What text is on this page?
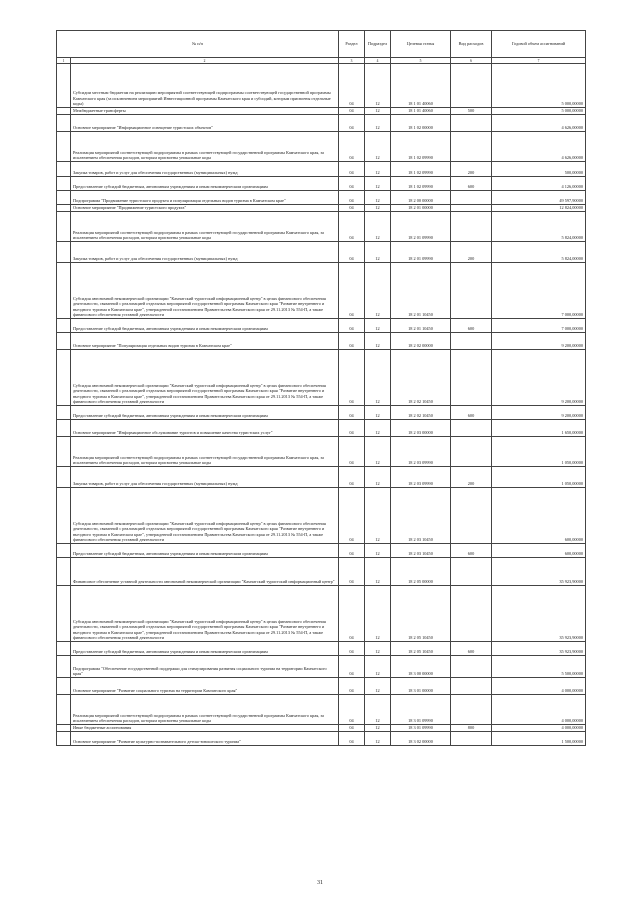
№ п/п		Раздел	Подраздел	Целевая статья	Вид расходов	Годовой объем ассигнований
1	2	3	4	5	6	7
	Субсидии местным бюджетам на реализацию мероприятий соответствующей подпрограммы соответствующей государственной программы Камчатского края (за исключением мероприятий Инвестиционной программы Камчатского края и субсидий, которым присвоены отдельные коды)	04	12	18 1 01 40060		5 000,00000
	Межбюджетные трансферты	04	12	18 1 01 40060	500	5 000,00000
	Основное мероприятие "Информационное освещение туристских объектов"	04	12	18 1 02 00000		4 626,00000
	Реализация мероприятий соответствующей подпрограммы в рамках соответствующей государственной программы Камчатского края, за исключением обеспечения расходов, которым присвоены уникальные коды	04	12	18 1 02 09990		4 626,00000
	Закупка товаров, работ и услуг для обеспечения государственных (муниципальных) нужд	04	12	18 1 02 09990	200	500,00000
	Предоставление субсидий бюджетным, автономным учреждениям и иным некоммерческим организациям	04	12	18 1 02 09990	600	4 126,00000
	Подпрограмма "Продвижение туристского продукта и популяризация отдельных видов туризма в Камчатском крае"	04	12	18 2 00 00000		49 597,90000
	Основное мероприятие "Продвижение туристского продукта"	04	12	18 2 01 00000		12 824,00000
	Реализация мероприятий соответствующей подпрограммы в рамках соответствующей государственной программы Камчатского края, за исключением обеспечения расходов, которым присвоены уникальные коды	04	12	18 2 01 09990		5 824,00000
	Закупка товаров, работ и услуг для обеспечения государственных (муниципальных) нужд	04	12	18 2 01 09990	200	5 824,00000
	Субсидия автономной некоммерческой организации "Камчатский туристский информационный центр" в целях финансового обеспечения деятельности, связанной с реализацией отдельных мероприятий государственной программы Камчатского края "Развитие внутреннего и въездного туризма в Камчатском крае", утвержденной постановлением Правительства Камчатского края от 29.11.2013 № 554-П, а также финансового обеспечения уставной деятельности	04	12	18 2 01 10450		7 000,00000
	Предоставление субсидий бюджетным, автономным учреждениям и иным некоммерческим организациям	04	12	18 2 01 10450	600	7 000,00000
	Основное мероприятие "Популяризация отдельных видов туризма в Камчатском крае"	04	12	18 2 02 00000		9 200,00000
	Субсидия автономной некоммерческой организации "Камчатский туристский информационный центр" в целях финансового обеспечения деятельности, связанной с реализацией отдельных мероприятий государственной программы Камчатского края "Развитие внутреннего и въездного туризма в Камчатском крае", утвержденной постановлением Правительства Камчатского края от 29.11.2013 № 554-П, а также финансового обеспечения уставной деятельности	04	12	18 2 02 10450		9 200,00000
	Предоставление субсидий бюджетным, автономным учреждениям и иным некоммерческим организациям	04	12	18 2 02 10450	600	9 200,00000
	Основное мероприятие "Информационное обслуживание туристов и повышение качества туристских услуг"	04	12	18 2 03 00000		1 650,00000
	Реализация мероприятий соответствующей подпрограммы в рамках соответствующей государственной программы Камчатского края, за исключением обеспечения расходов, которым присвоены уникальные коды	04	12	18 2 03 09990		1 050,00000
	Закупка товаров, работ и услуг для обеспечения государственных (муниципальных) нужд	04	12	18 2 03 09990	200	1 050,00000
	Субсидия автономной некоммерческой организации "Камчатский туристский информационный центр" в целях финансового обеспечения деятельности, связанной с реализацией отдельных мероприятий государственной программы Камчатского края "Развитие внутреннего и въездного туризма в Камчатском крае", утвержденной постановлением Правительства Камчатского края от 29.11.2013 № 554-П, а также финансового обеспечения уставной деятельности	04	12	18 2 03 10450		600,00000
	Предоставление субсидий бюджетным, автономным учреждениям и иным некоммерческим организациям	04	12	18 2 03 10450	600	600,00000
	Финансовое обеспечение уставной деятельности автономной некоммерческой организации "Камчатский туристский информационный центр"	04	12	18 2 05 00000		35 923,90000
	Субсидия автономной некоммерческой организации "Камчатский туристский информационный центр" в целях финансового обеспечения деятельности, связанной с реализацией отдельных мероприятий государственной программы Камчатского края "Развитие внутреннего и въездного туризма в Камчатском крае", утвержденной постановлением Правительства Камчатского края от 29.11.2013 № 554-П, а также финансового обеспечения уставной деятельности	04	12	18 2 05 10450		35 923,90000
	Предоставление субсидий бюджетным, автономным учреждениям и иным некоммерческим организациям	04	12	18 2 05 10450	600	35 923,90000
	Подпрограмма "Обеспечение государственной поддержки для стимулирования развития социального туризма на территории Камчатского края"	04	12	18 3 00 00000		5 500,00000
	Основное мероприятие "Развитие социального туризма на территории Камчатского края"	04	12	18 3 01 00000		4 000,00000
	Реализация мероприятий соответствующей подпрограммы в рамках соответствующей государственной программы Камчатского края, за исключением обеспечения расходов, которым присвоены уникальные коды	04	12	18 3 01 09990		4 000,00000
	Иные бюджетные ассигнования	04	12	18 3 01 09990	800	4 000,00000
	Основное мероприятие "Развитие культурно-познавательного детско-юношеского туризма"	04	12	18 3 02 00000		1 500,00000
31
